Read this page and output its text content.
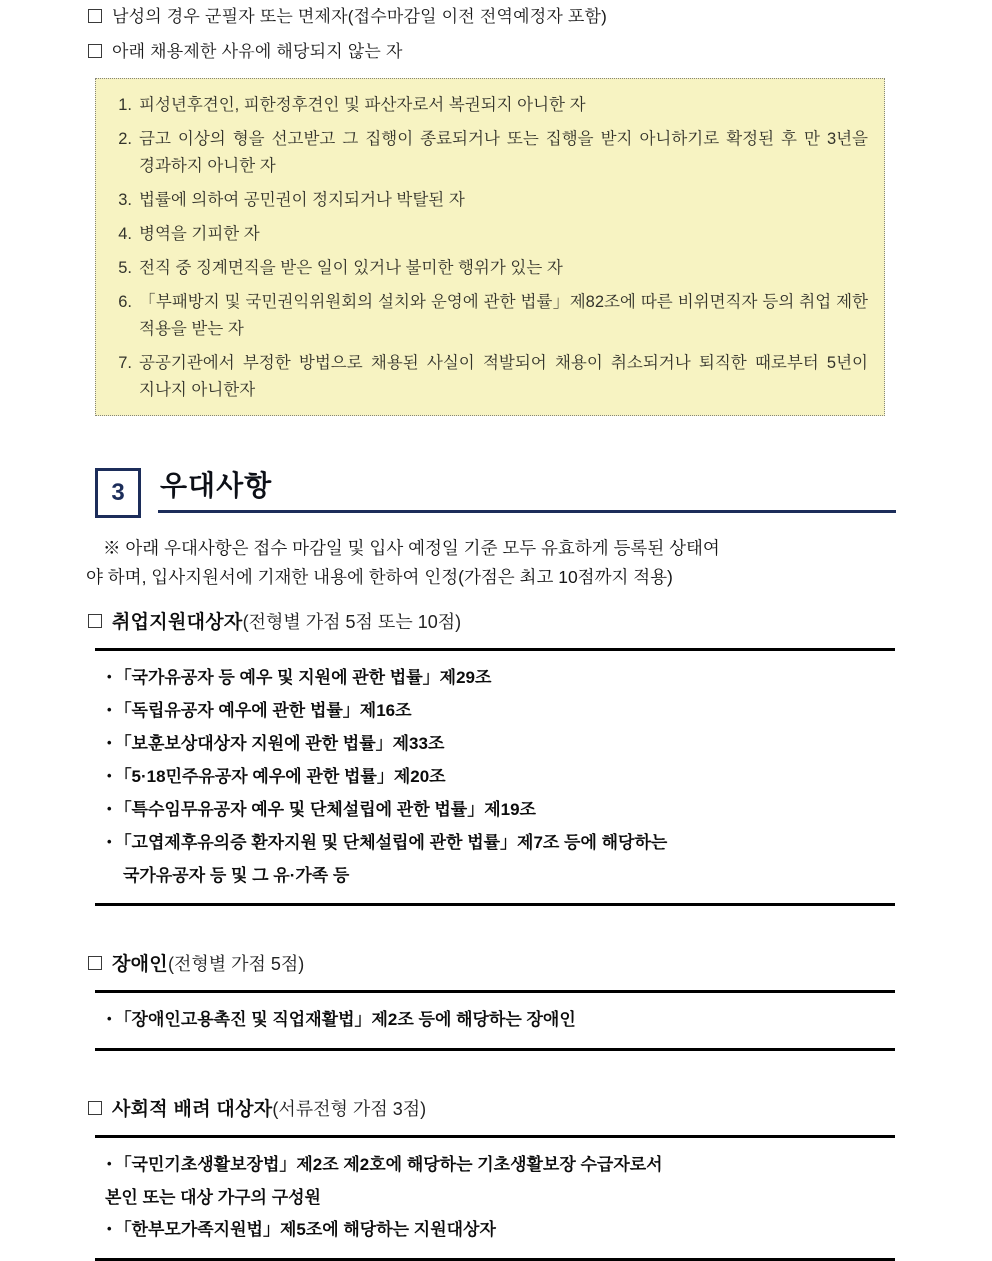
남성의 경우 군필자 또는 면제자(접수마감일 이전 전역예정자 포함)
아래 채용제한 사유에 해당되지 않는 자
1. 피성년후견인, 피한정후견인 및 파산자로서 복권되지 아니한 자
2. 금고 이상의 형을 선고받고 그 집행이 종료되거나 또는 집행을 받지 아니하기로 확정된 후 만 3년을 경과하지 아니한 자
3. 법률에 의하여 공민권이 정지되거나 박탈된 자
4. 병역을 기피한 자
5. 전직 중 징계면직을 받은 일이 있거나 불미한 행위가 있는 자
6. 「부패방지 및 국민권익위원회의 설치와 운영에 관한 법률」제82조에 따른 비위면직자 등의 취업 제한 적용을 받는 자
7. 공공기관에서 부정한 방법으로 채용된 사실이 적발되어 채용이 취소되거나 퇴직한 때로부터 5년이 지나지 아니한자
3 우대사항
※ 아래 우대사항은 접수 마감일 및 입사 예정일 기준 모두 유효하게 등록된 상태여
야 하며, 입사지원서에 기재한 내용에 한하여 인정(가점은 최고 10점까지 적용)
취업지원대상자(전형별 가점 5점 또는 10점)
• 「국가유공자 등 예우 및 지원에 관한 법률」제29조
• 「독립유공자 예우에 관한 법률」제16조
• 「보훈보상대상자 지원에 관한 법률」제33조
• 「5·18민주유공자 예우에 관한 법률」제20조
• 「특수임무유공자 예우 및 단체설립에 관한 법률」제19조
• 「고엽제후유의증 환자지원 및 단체설립에 관한 법률」제7조 등에 해당하는
국가유공자 등 및 그 유·가족 등
장애인(전형별 가점 5점)
• 「장애인고용촉진 및 직업재활법」제2조 등에 해당하는 장애인
사회적 배려 대상자(서류전형 가점 3점)
• 「국민기초생활보장법」제2조 제2호에 해당하는 기초생활보장 수급자로서
본인 또는 대상 가구의 구성원
• 「한부모가족지원법」제5조에 해당하는 지원대상자
